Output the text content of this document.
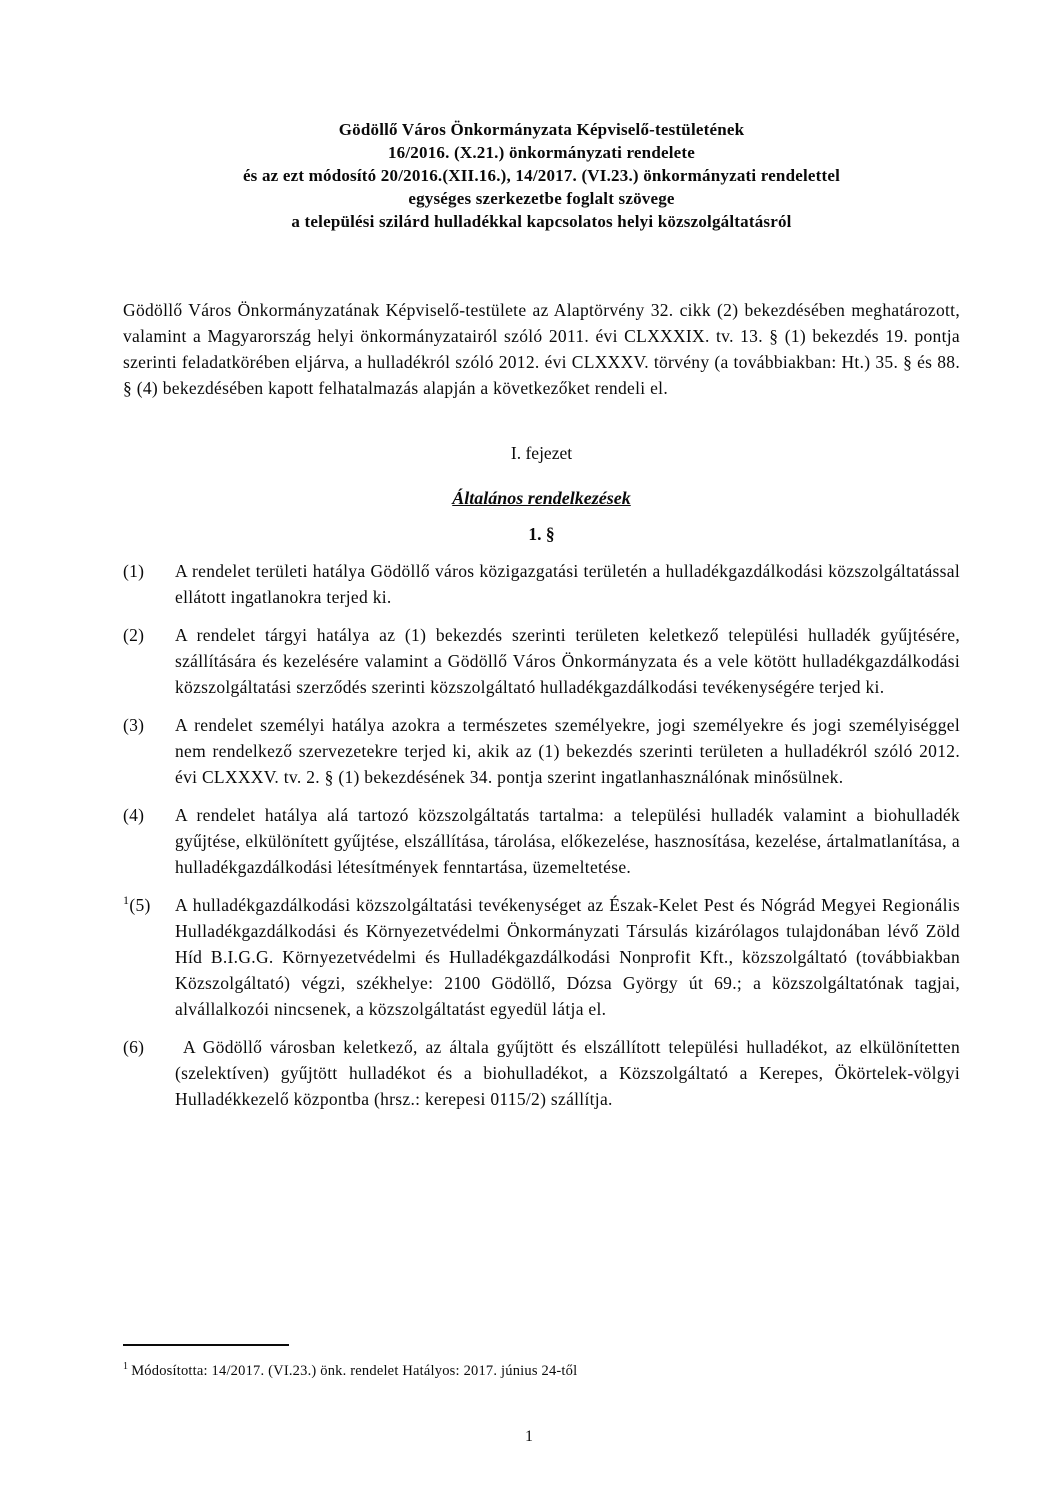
Gödöllő Város Önkormányzata Képviselő-testületének
16/2016. (X.21.) önkormányzati rendelete
és az ezt módosító 20/2016.(XII.16.), 14/2017. (VI.23.) önkormányzati rendelettel
egységes szerkezetbe foglalt szövege
a települési szilárd hulladékkal kapcsolatos helyi közszolgáltatásról

Gödöllő Város Önkormányzatának Képviselő-testülete az Alaptörvény 32. cikk (2) bekezdésében meghatározott, valamint a Magyarország helyi önkormányzatairól szóló 2011. évi CLXXXIX. tv. 13. § (1) bekezdés 19. pontja szerinti feladatkörében eljárva, a hulladékról szóló 2012. évi CLXXXV. törvény (a továbbiakban: Ht.) 35. § és 88. § (4) bekezdésében kapott felhatalmazás alapján a következőket rendeli el.

I. fejezet
Általános rendelkezések
1. §
(1) A rendelet területi hatálya Gödöllő város közigazgatási területén a hulladékgazdálkodási közszolgáltatással ellátott ingatlanokra terjed ki.
(2) A rendelet tárgyi hatálya az (1) bekezdés szerinti területen keletkező települési hulladék gyűjtésére, szállítására és kezelésére valamint a Gödöllő Város Önkormányzata és a vele kötött hulladékgazdálkodási közszolgáltatási szerződés szerinti közszolgáltató hulladékgazdálkodási tevékenységére terjed ki.
(3) A rendelet személyi hatálya azokra a természetes személyekre, jogi személyekre és jogi személyiséggel nem rendelkező szervezetekre terjed ki, akik az (1) bekezdés szerinti területen a hulladékról szóló 2012. évi CLXXXV. tv. 2. § (1) bekezdésének 34. pontja szerint ingatlanhasználónak minősülnek.
(4) A rendelet hatálya alá tartozó közszolgáltatás tartalma: a települési hulladék valamint a biohulladék gyűjtése, elkülönített gyűjtése, elszállítása, tárolása, előkezelése, hasznosítása, kezelése, ártalmatlanítása, a hulladékgazdálkodási létesítmények fenntartása, üzemeltetése.
$^1$(5) A hulladékgazdálkodási közszolgáltatási tevékenységet az Észak-Kelet Pest és Nógrád Megyei Regionális Hulladékgazdálkodási és Környezetvédelmi Önkormányzati Társulás kizárólagos tulajdonában lévő Zöld Híd B.I.G.G. Környezetvédelmi és Hulladékgazdálkodási Nonprofit Kft., közszolgáltató (továbbiakban Közszolgáltató) végzi, székhelye: 2100 Gödöllő, Dózsa György út 69.; a közszolgáltatónak tagjai, alvállalkozói nincsenek, a közszolgáltatást egyedül látja el.
(6)	A Gödöllő városban keletkező, az általa gyűjtött és elszállított települési hulladékot, az elkülönítetten (szelektíven) gyűjtött hulladékot és a biohulladékot, a Közszolgáltató a Kerepes, Ökörtelek-völgyi Hulladékkezelő központba (hrsz.: kerepesi 0115/2) szállítja.
$^1$ Módosította: 14/2017. (VI.23.) önk. rendelet Hatályos: 2017. június 24-től
1
